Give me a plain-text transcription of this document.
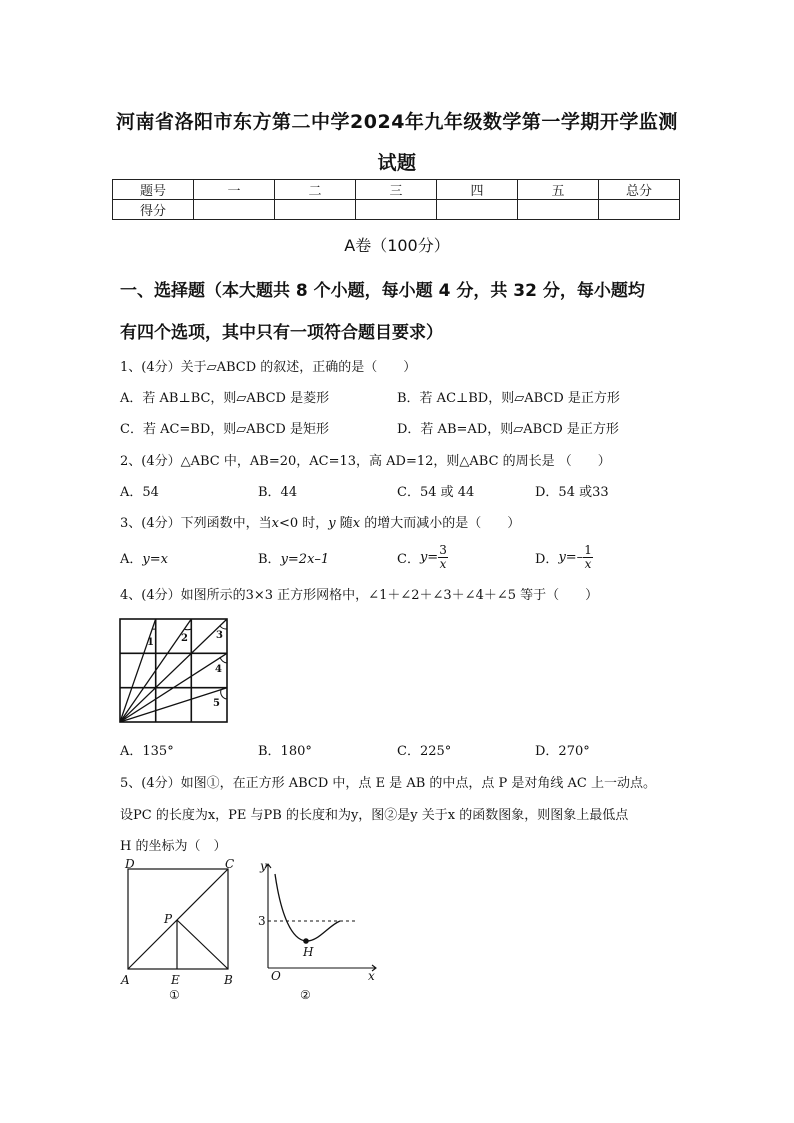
河南省洛阳市东方第二中学2024年九年级数学第一学期开学监测
试题
题号	一	二	三	四	五	总分
得分						
A卷（100分）
一、选择题（本大题共 8 个小题，每小题 4 分，共 32 分，每小题均
有四个选项，其中只有一项符合题目要求）
1、(4分）关于▱ABCD 的叙述，正确的是（　　）
A．若 AB⊥BC，则▱ABCD 是菱形	B．若 AC⊥BD，则▱ABCD 是正方形
C．若 AC=BD，则▱ABCD 是矩形	D．若 AB=AD，则▱ABCD 是正方形
2、(4分）△ABC 中，AB=20，AC=13，高 AD=12，则△ABC 的周长是 （　　）
A．54	B．44	C．54 或 44	D．54 或33
3、(4分）下列函数中，当x<0 时，y 随x 的增大而减小的是（　　）
A．y=x	B．y=2x–1	C． $y= \frac{3}{x}$	D． $y=- \frac{1}{x}$
4、(4分）如图所示的3×3 正方形网格中，∠1＋∠2＋∠3＋∠4＋∠5 等于（　　）
1	2	3
4
5
A．135°	B．180°	C．225°	D．270°
5、(4分）如图①，在正方形 ABCD 中，点 E 是 AB 的中点，点 P 是对角线 AC 上一动点。
设PC 的长度为x，PE 与PB 的长度和为y，图②是y 关于x 的函数图象，则图象上最低点
H 的坐标为（　）
D	C
P
A	E	B
①
y
3
H
O	x
②
